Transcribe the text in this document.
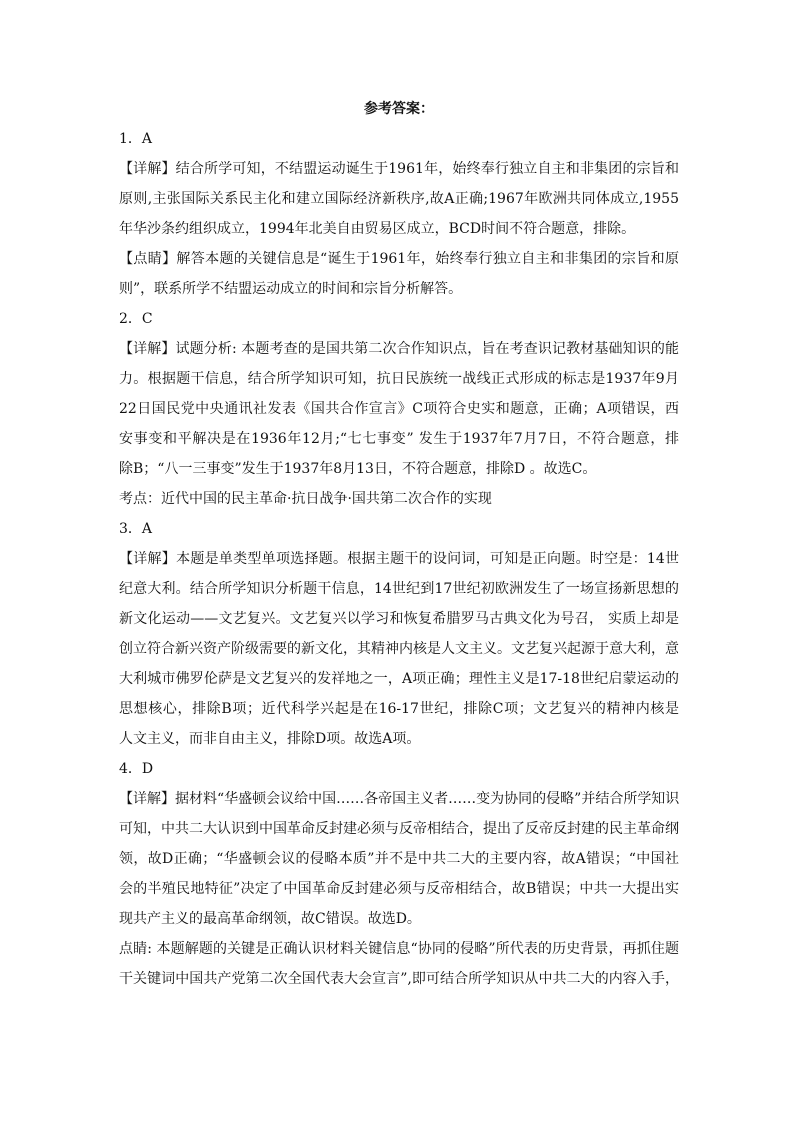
参考答案：
1．A
【详解】结合所学可知，不结盟运动诞生于1961年，始终奉行独立自主和非集团的宗旨和
原则,主张国际关系民主化和建立国际经济新秩序,故A正确;1967年欧洲共同体成立,1955
年华沙条约组织成立，1994年北美自由贸易区成立，BCD时间不符合题意，排除。
【点睛】解答本题的关键信息是“诞生于1961年，始终奉行独立自主和非集团的宗旨和原
则”，联系所学不结盟运动成立的时间和宗旨分析解答。
2．C
【详解】试题分析: 本题考查的是国共第二次合作知识点，旨在考查识记教材基础知识的能
力。根据题干信息，结合所学知识可知，抗日民族统一战线正式形成的标志是1937年9月
22日国民党中央通讯社发表《国共合作宣言》C项符合史实和题意，正确；A项错误，西
安事变和平解决是在1936年12月;“七七事变” 发生于1937年7月7日，不符合题意，排
除B；“八一三事变”发生于1937年8月13日，不符合题意，排除D 。故选C。
考点：近代中国的民主革命·抗日战争·国共第二次合作的实现
3．A
【详解】本题是单类型单项选择题。根据主题干的设问词，可知是正向题。时空是：14世
纪意大利。结合所学知识分析题干信息，14世纪到17世纪初欧洲发生了一场宣扬新思想的
新文化运动——文艺复兴。文艺复兴以学习和恢复希腊罗马古典文化为号召， 实质上却是
创立符合新兴资产阶级需要的新文化，其精神内核是人文主义。文艺复兴起源于意大利，意
大利城市佛罗伦萨是文艺复兴的发祥地之一，A项正确；理性主义是17-18世纪启蒙运动的
思想核心，排除B项；近代科学兴起是在16-17世纪，排除C项；文艺复兴的精神内核是
人文主义，而非自由主义，排除D项。故选A项。
4．D
【详解】据材料“华盛顿会议给中国……各帝国主义者……变为协同的侵略”并结合所学知识
可知，中共二大认识到中国革命反封建必须与反帝相结合，提出了反帝反封建的民主革命纲
领，故D正确；“华盛顿会议的侵略本质”并不是中共二大的主要内容，故A错误；“中国社
会的半殖民地特征”决定了中国革命反封建必须与反帝相结合，故B错误；中共一大提出实
现共产主义的最高革命纲领，故C错误。故选D。
点睛: 本题解题的关键是正确认识材料关键信息“协同的侵略”所代表的历史背景，再抓住题
干关键词中国共产党第二次全国代表大会宣言”,即可结合所学知识从中共二大的内容入手，
